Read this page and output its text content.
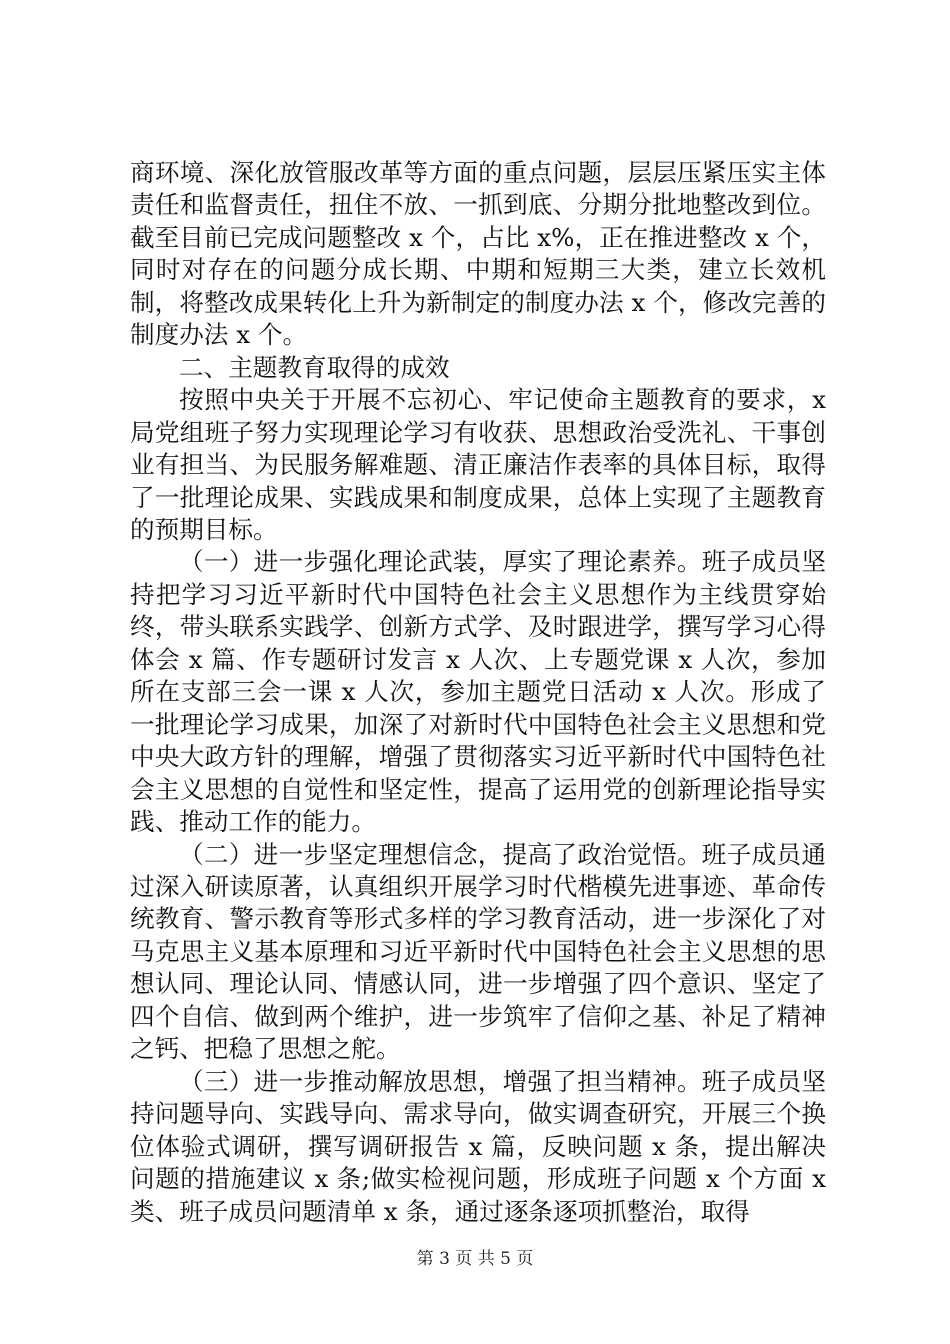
商环境、深化放管服改革等方面的重点问题，层层压紧压实主体责任和监督责任，扭住不放、一抓到底、分期分批地整改到位。截至目前已完成问题整改 x 个，占比 x%，正在推进整改 x 个，同时对存在的问题分成长期、中期和短期三大类，建立长效机制，将整改成果转化上升为新制定的制度办法 x 个，修改完善的制度办法 x 个。

二、主题教育取得的成效

按照中央关于开展不忘初心、牢记使命主题教育的要求，x 局党组班子努力实现理论学习有收获、思想政治受洗礼、干事创业有担当、为民服务解难题、清正廉洁作表率的具体目标，取得了一批理论成果、实践成果和制度成果，总体上实现了主题教育的预期目标。

（一）进一步强化理论武装，厚实了理论素养。班子成员坚持把学习习近平新时代中国特色社会主义思想作为主线贯穿始终，带头联系实践学、创新方式学、及时跟进学，撰写学习心得体会 x 篇、作专题研讨发言 x 人次、上专题党课 x 人次，参加所在支部三会一课 x 人次，参加主题党日活动 x 人次。形成了一批理论学习成果，加深了对新时代中国特色社会主义思想和党中央大政方针的理解，增强了贯彻落实习近平新时代中国特色社会主义思想的自觉性和坚定性，提高了运用党的创新理论指导实践、推动工作的能力。

（二）进一步坚定理想信念，提高了政治觉悟。班子成员通过深入研读原著，认真组织开展学习时代楷模先进事迹、革命传统教育、警示教育等形式多样的学习教育活动，进一步深化了对马克思主义基本原理和习近平新时代中国特色社会主义思想的思想认同、理论认同、情感认同，进一步增强了四个意识、坚定了四个自信、做到两个维护，进一步筑牢了信仰之基、补足了精神之钙、把稳了思想之舵。

（三）进一步推动解放思想，增强了担当精神。班子成员坚持问题导向、实践导向、需求导向，做实调查研究，开展三个换位体验式调研，撰写调研报告 x 篇，反映问题 x 条，提出解决问题的措施建议 x 条;做实检视问题，形成班子问题 x 个方面 x 类、班子成员问题清单 x 条，通过逐条逐项抓整治，取得

第 3 页 共 5 页
